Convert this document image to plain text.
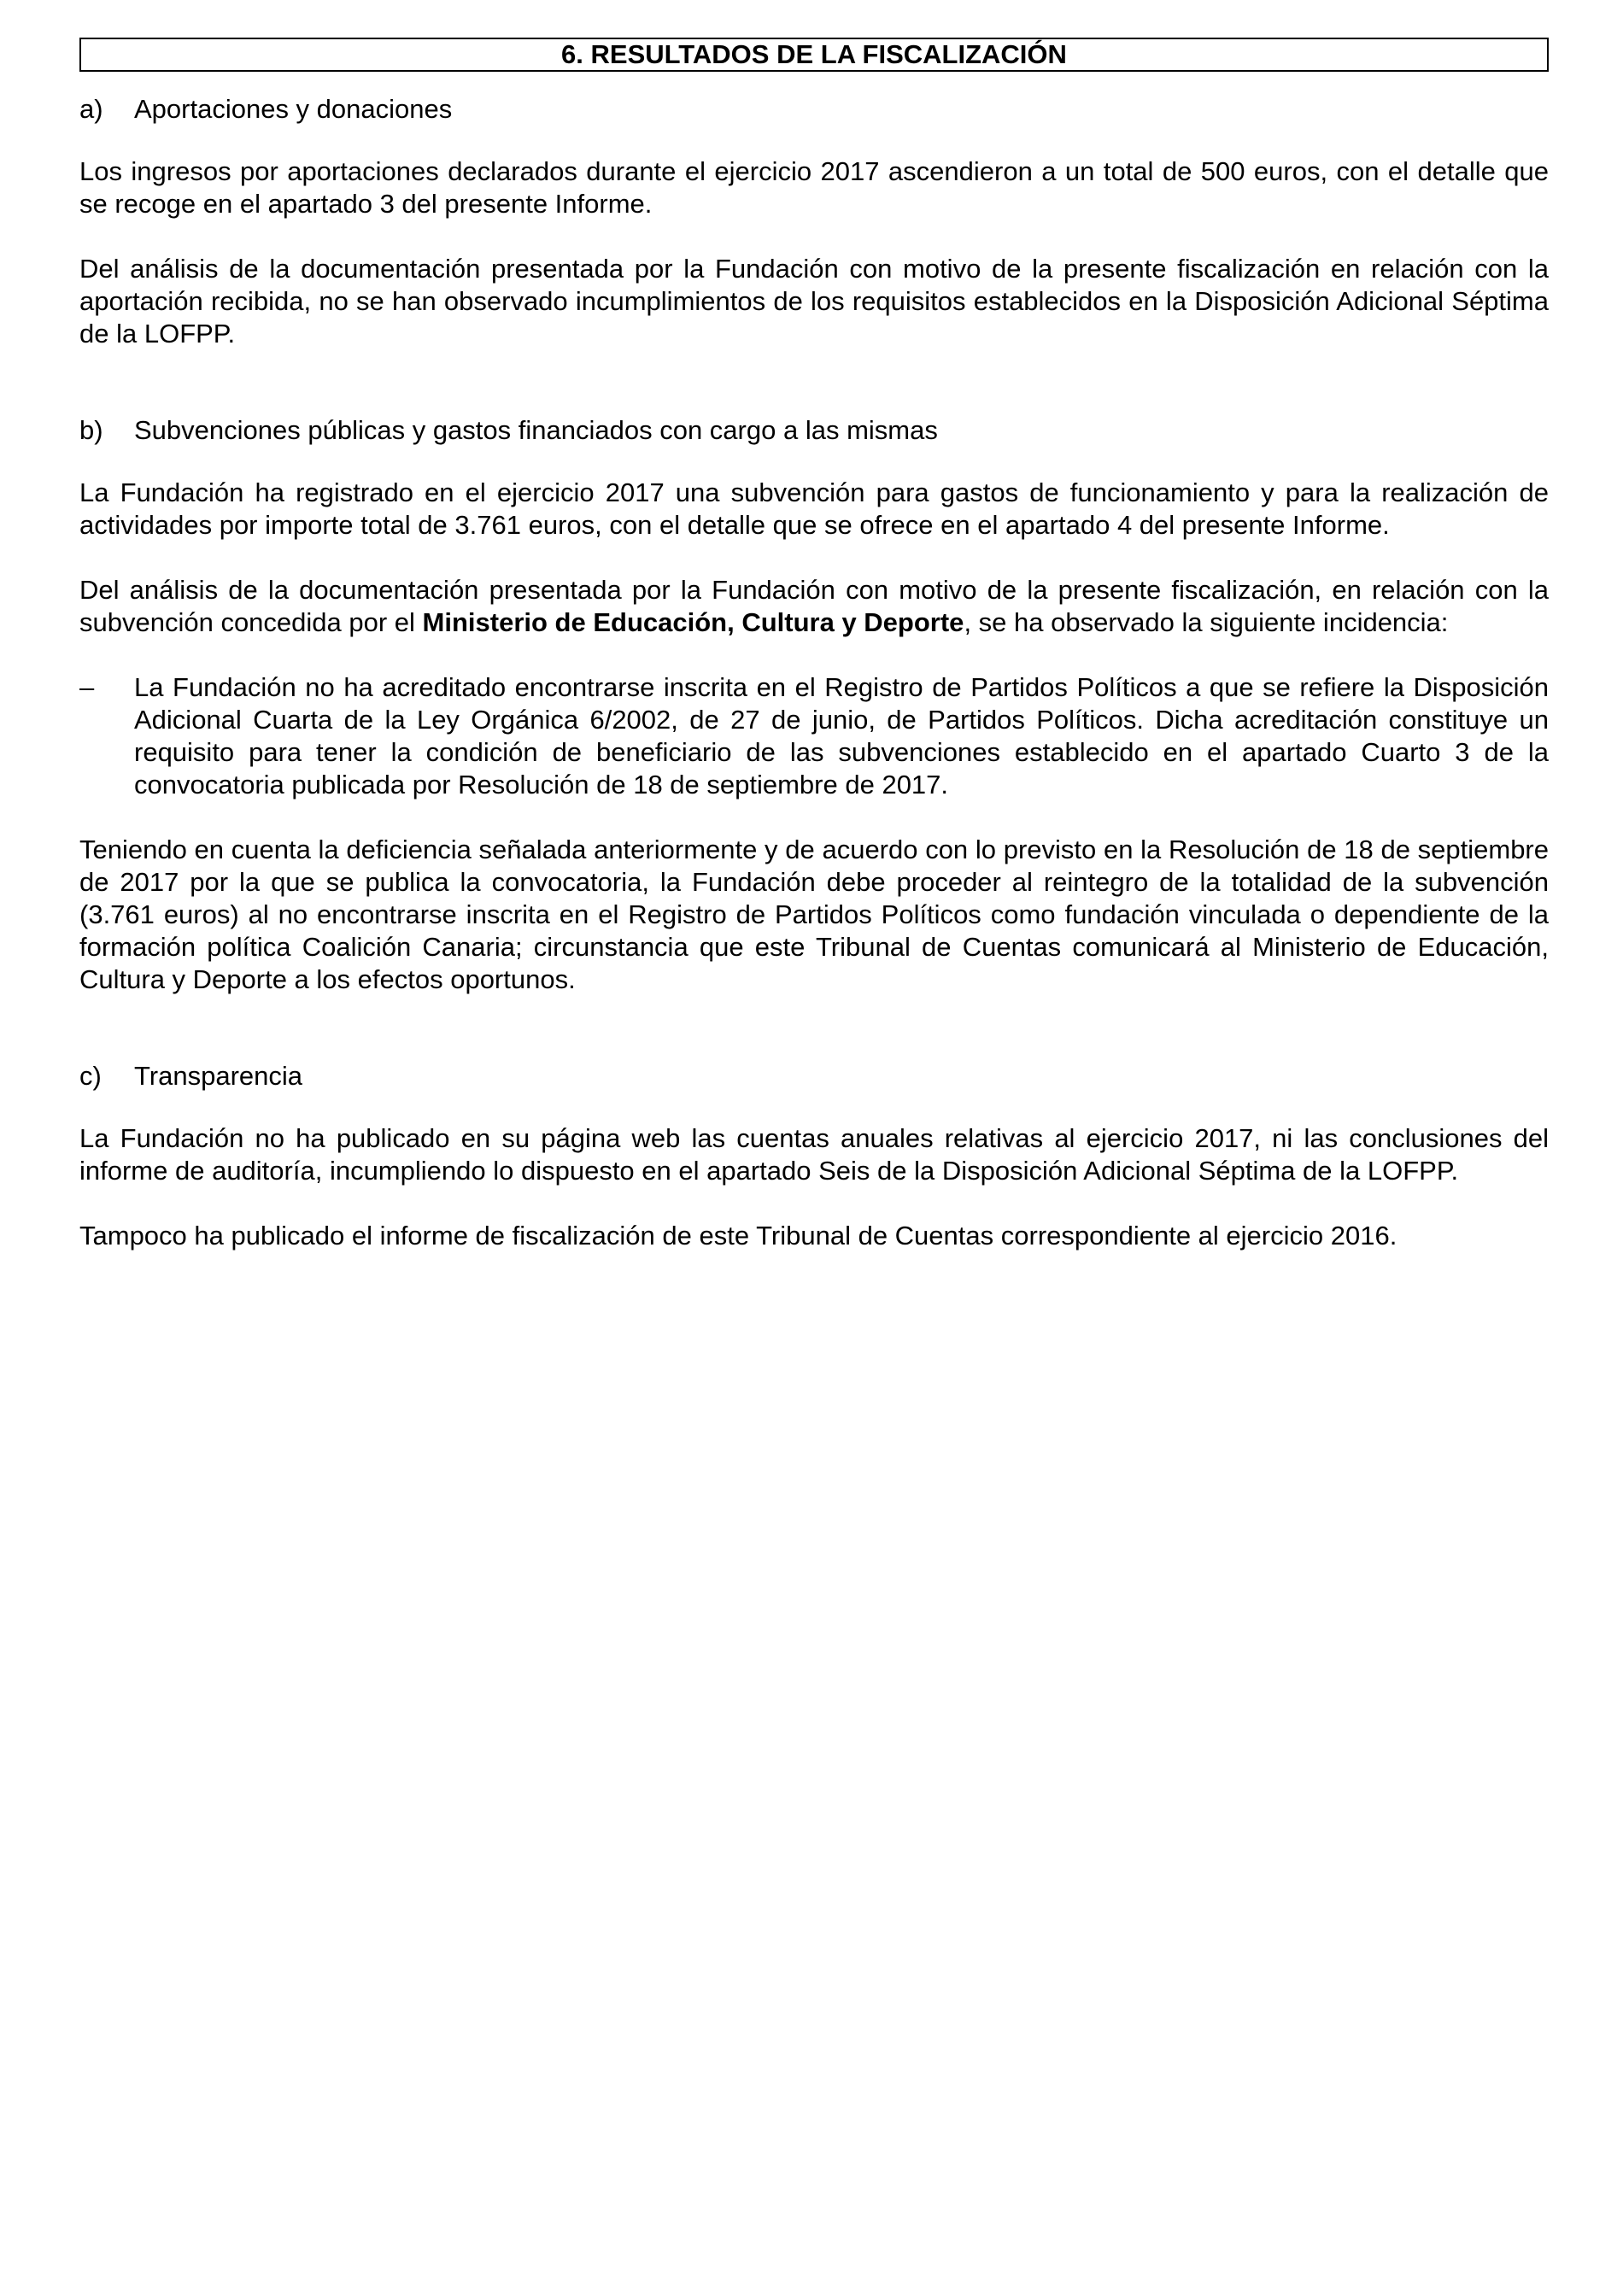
6. RESULTADOS DE LA FISCALIZACIÓN
a)	Aportaciones y donaciones

Los ingresos por aportaciones declarados durante el ejercicio 2017 ascendieron a un total de 500 euros, con el detalle que se recoge en el apartado 3 del presente Informe.

Del análisis de la documentación presentada por la Fundación con motivo de la presente fiscalización en relación con la aportación recibida, no se han observado incumplimientos de los requisitos establecidos en la Disposición Adicional Séptima de la LOFPP.

b)	Subvenciones públicas y gastos financiados con cargo a las mismas

La Fundación ha registrado en el ejercicio 2017 una subvención para gastos de funcionamiento y para la realización de actividades por importe total de 3.761 euros, con el detalle que se ofrece en el apartado 4 del presente Informe.

Del análisis de la documentación presentada por la Fundación con motivo de la presente fiscalización, en relación con la subvención concedida por el Ministerio de Educación, Cultura y Deporte, se ha observado la siguiente incidencia:

–	La Fundación no ha acreditado encontrarse inscrita en el Registro de Partidos Políticos a que se refiere la Disposición Adicional Cuarta de la Ley Orgánica 6/2002, de 27 de junio, de Partidos Políticos. Dicha acreditación constituye un requisito para tener la condición de beneficiario de las subvenciones establecido en el apartado Cuarto 3 de la convocatoria publicada por Resolución de 18 de septiembre de 2017.

Teniendo en cuenta la deficiencia señalada anteriormente y de acuerdo con lo previsto en la Resolución de 18 de septiembre de 2017 por la que se publica la convocatoria, la Fundación debe proceder al reintegro de la totalidad de la subvención (3.761 euros) al no encontrarse inscrita en el Registro de Partidos Políticos como fundación vinculada o dependiente de la formación política Coalición Canaria; circunstancia que este Tribunal de Cuentas comunicará al Ministerio de Educación, Cultura y Deporte a los efectos oportunos.

c)	Transparencia

La Fundación no ha publicado en su página web las cuentas anuales relativas al ejercicio 2017, ni las conclusiones del informe de auditoría, incumpliendo lo dispuesto en el apartado Seis de la Disposición Adicional Séptima de la LOFPP.

Tampoco ha publicado el informe de fiscalización de este Tribunal de Cuentas correspondiente al ejercicio 2016.
